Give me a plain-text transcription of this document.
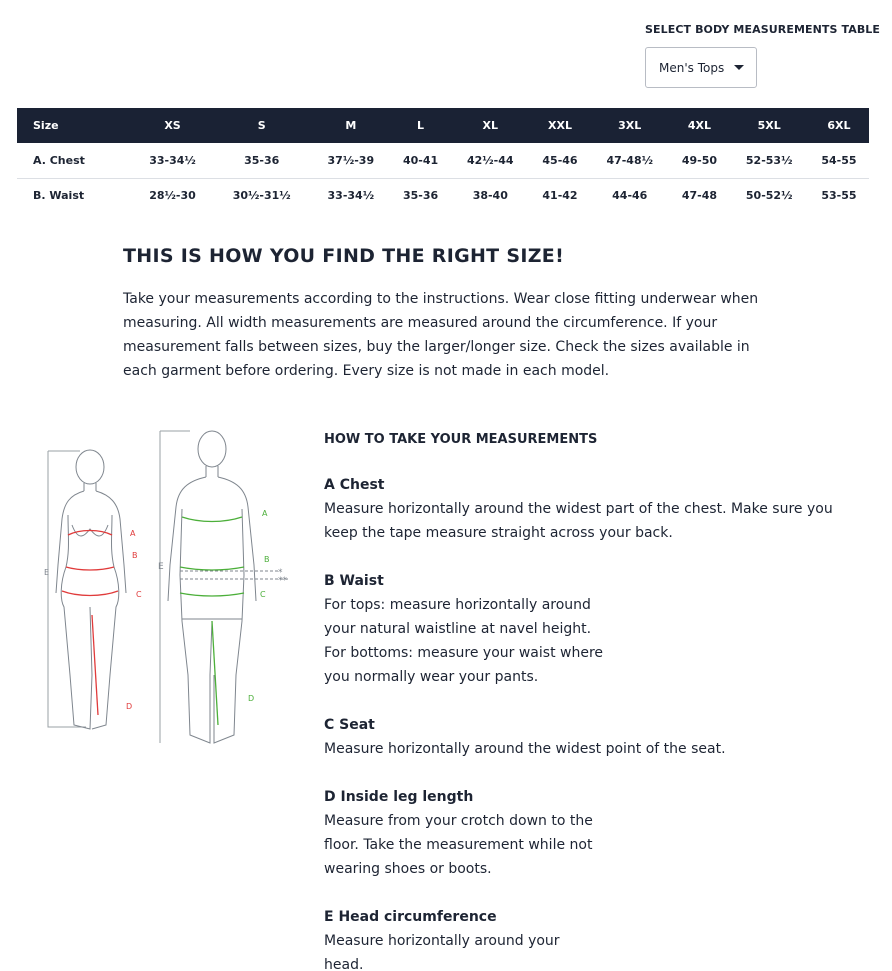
SELECT BODY MEASUREMENTS TABLE
Men's Tops
Size	XS	S	M	L	XL	XXL	3XL	4XL	5XL	6XL
A. Chest	33-34½	35-36	37½-39	40-41	42½-44	45-46	47-48½	49-50	52-53½	54-55
B. Waist	28½-30	30½-31½	33-34½	35-36	38-40	41-42	44-46	47-48	50-52½	53-55
THIS IS HOW YOU FIND THE RIGHT SIZE!

Take your measurements according to the instructions. Wear close fitting underwear when measuring. All width measurements are measured around the circumference. If your measurement falls between sizes, buy the larger/longer size. Check the sizes available in each garment before ordering. Every size is not made in each model.

A
B
C
D
E
A
B
C
D
E
*
**
HOW TO TAKE YOUR MEASUREMENTS
A Chest
Measure horizontally around the widest part of the chest. Make sure you keep the tape measure straight across your back.
B Waist
For tops: measure horizontally around your natural waistline at navel height.
For bottoms: measure your waist where you normally wear your pants.
C Seat
Measure horizontally around the widest point of the seat.
D Inside leg length
Measure from your crotch down to the floor. Take the measurement while not wearing shoes or boots.
E Head circumference
Measure horizontally around your head.
